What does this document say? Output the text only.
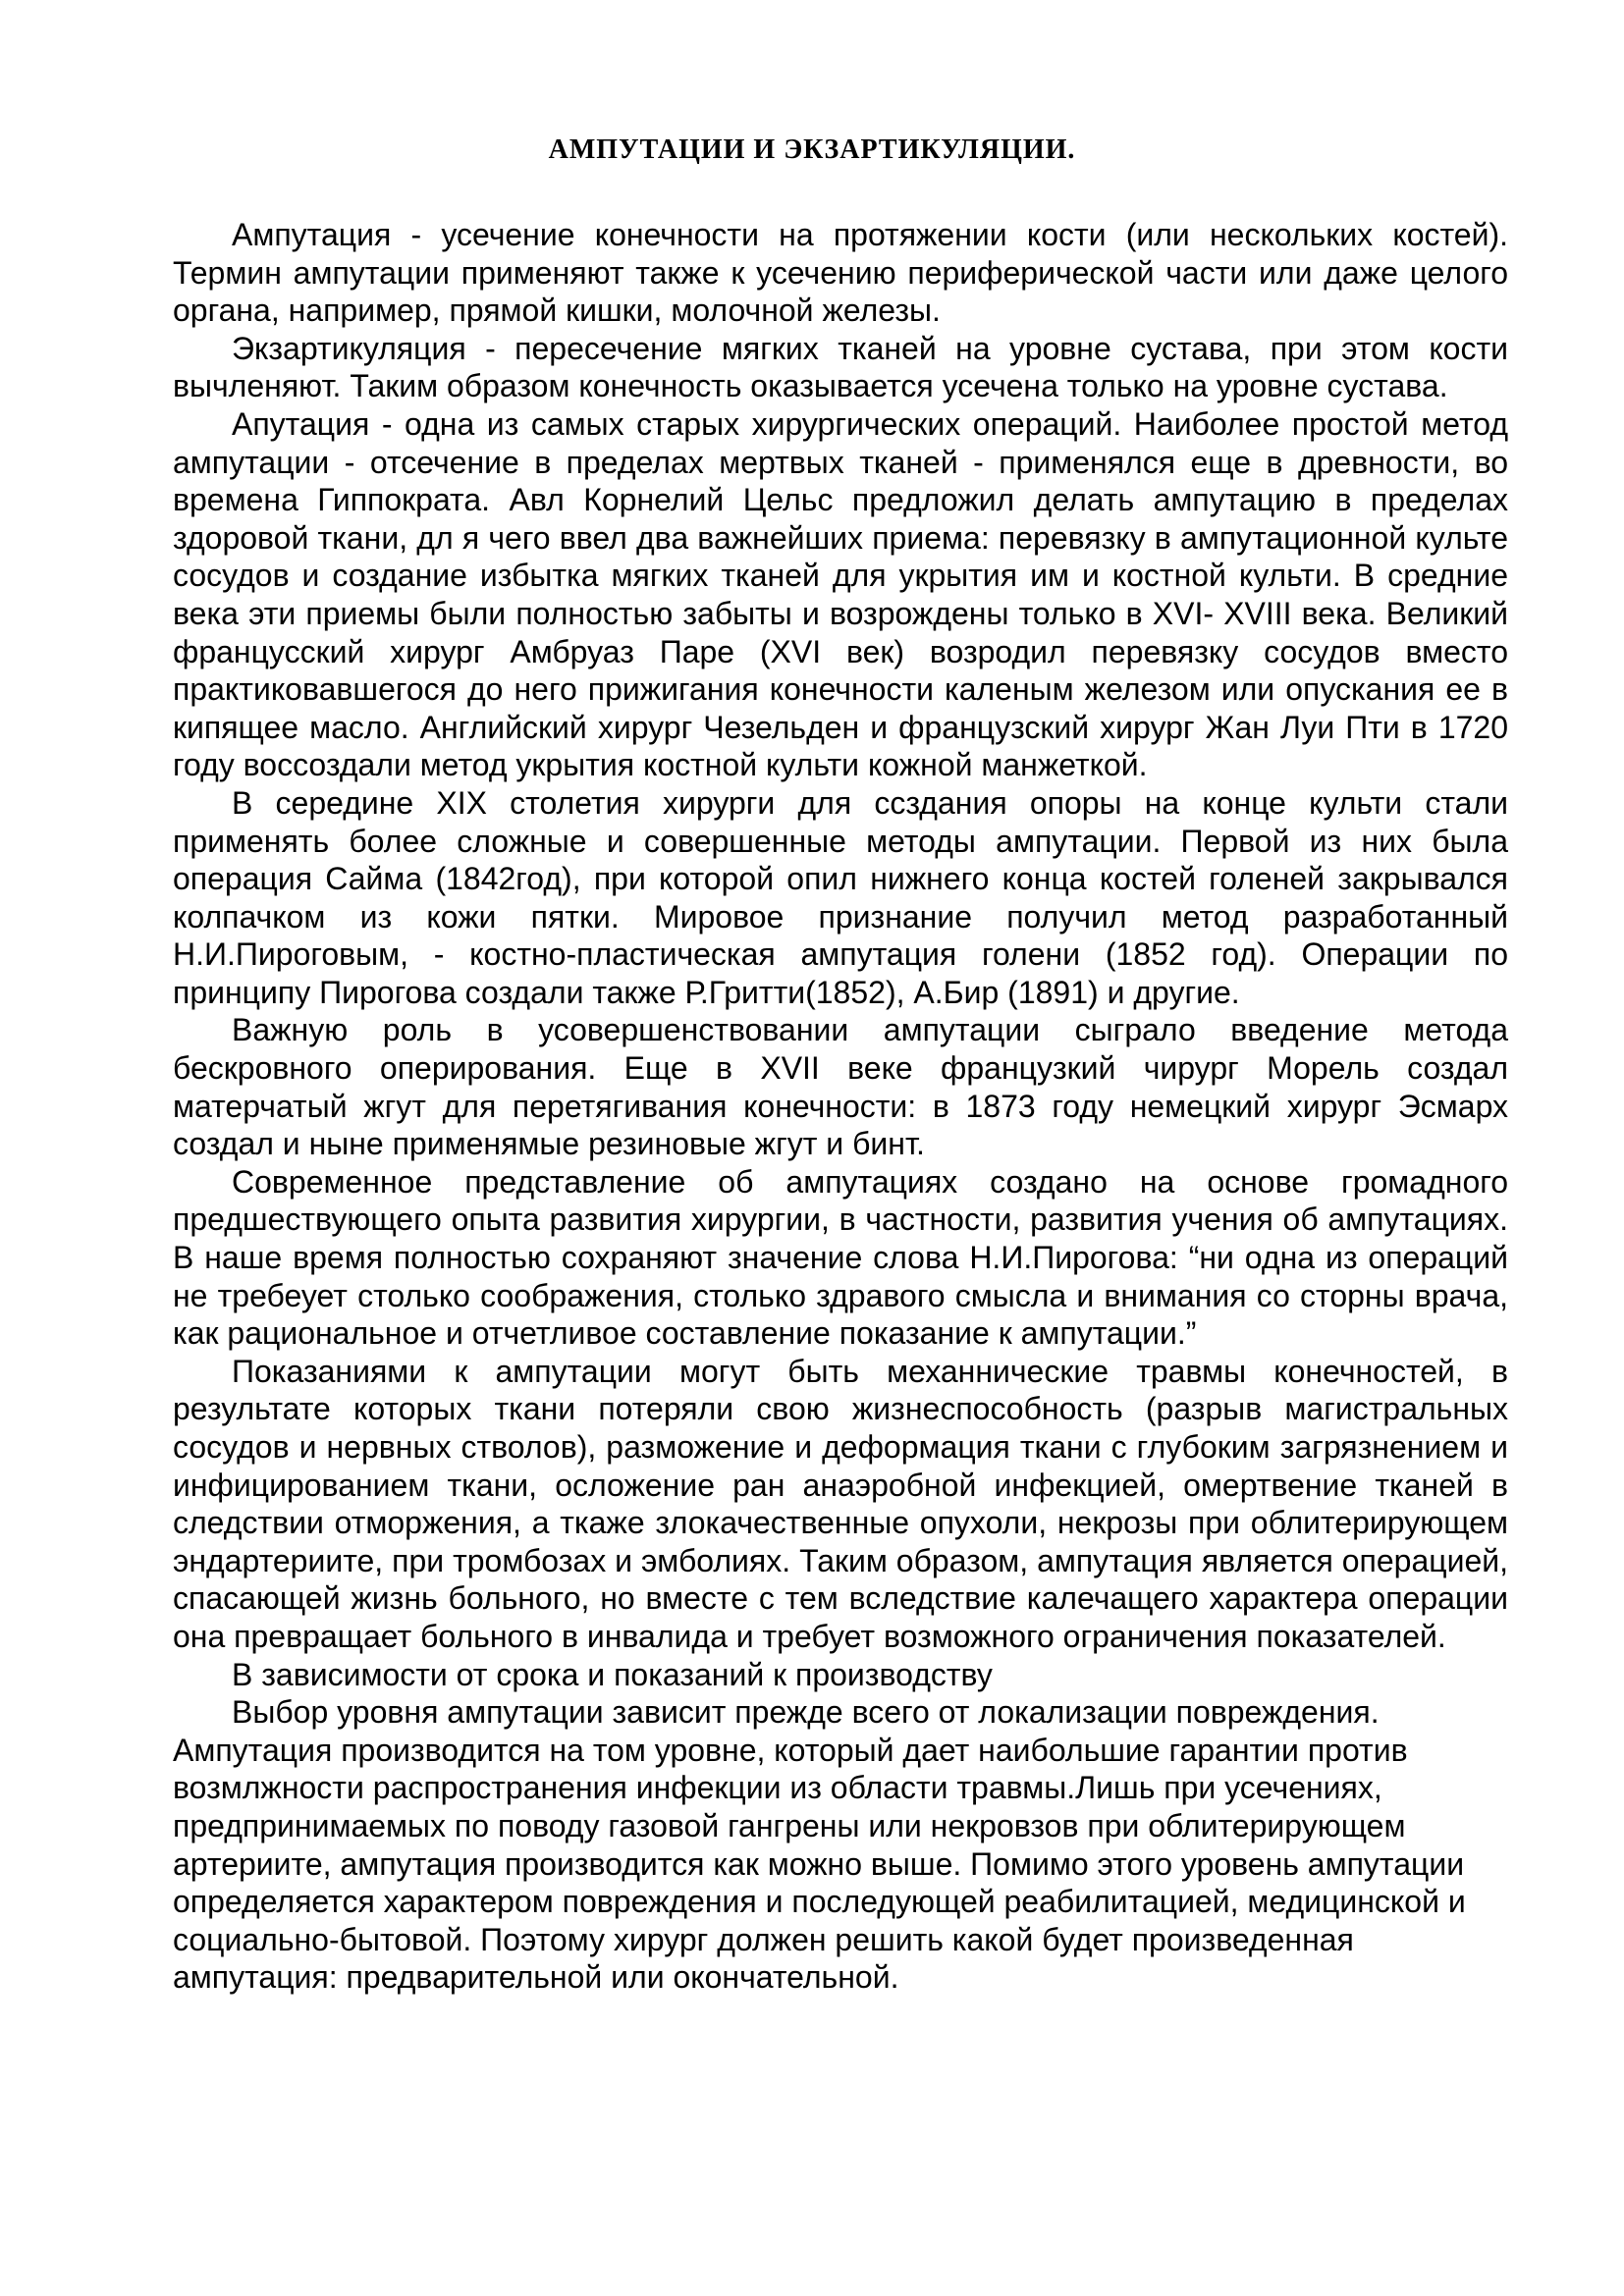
АМПУТАЦИИ И ЭКЗАРТИКУЛЯЦИИ.

Ампутация - усечение конечности на протяжении кости (или нескольких костей). Термин ампутации применяют также к усечению периферической части или даже целого органа, например, прямой кишки, молочной железы.

Экзартикуляция - пересечение мягких тканей на уровне сустава, при этом кости вычленяют. Таким образом конечность оказывается усечена только на уровне сустава.

Апутация - одна из самых старых хирургических операций. Наиболее простой метод ампутации - отсечение в пределах мертвых тканей - применялся еще в древности, во времена Гиппократа. Авл Корнелий Цельс предложил делать ампутацию в пределах здоровой ткани, дл я чего ввел два важнейших приема: перевязку в ампутационной культе сосудов и создание избытка мягких тканей для укрытия им и костной культи. В средние века эти приемы были полностью забыты и возрождены только в XVI- XVIII века. Великий францусский хирург Амбруаз Паре (XVI век) возродил перевязку сосудов вместо практиковавшегося до него прижигания конечности каленым железом или опускания ее в кипящее масло. Английский хирург Чезельден и французский хирург Жан Луи Пти в 1720 году воссоздали метод укрытия костной культи кожной манжеткой.

В середине XIX столетия хирурги для ссздания опоры на конце культи стали применять более сложные и совершенные методы ампутации. Первой из них была операция Сайма (1842год), при которой опил нижнего конца костей голеней закрывался колпачком из кожи пятки. Мировое признание получил метод разработанный Н.И.Пироговым, - костно-пластическая ампутация голени (1852 год). Операции по принципу Пирогова создали также Р.Гритти(1852), А.Бир (1891) и другие.

Важную роль в усовершенствовании ампутации сыграло введение метода бескровного оперирования. Еще в XVII веке французкий чирург Морель создал матерчатый жгут для перетягивания конечности: в 1873 году немецкий хирург Эсмарх создал и ныне применямые резиновые жгут и бинт.

Современное представление об ампутациях создано на основе громадного предшествующего опыта развития хирургии, в частности, развития учения об ампутациях. В наше время полностью сохраняют значение слова Н.И.Пирогова: “ни одна из операций не требеует столько соображения, столько здравого смысла и внимания со сторны врача, как рациональное и отчетливое составление показание к ампутации.”

Показаниями к ампутации могут быть механнические травмы конечностей, в результате которых ткани потеряли свою жизнеспособность (разрыв магистральных сосудов и нервных стволов), разможение и деформация ткани с глубоким загрязнением и инфицированием ткани, осложение ран анаэробной инфекцией, омертвение тканей в следствии отморжения, а ткаже злокачественные опухоли, некрозы при облитерирующем эндартериите, при тромбозах и эмболиях. Таким образом, ампутация является операцией, спасающей жизнь больного, но вместе с тем вследствие калечащего характера операции она превращает больного в инвалида и требует возможного ограничения показателей.

В зависимости от срока и показаний к производству

Выбор уровня ампутации зависит прежде всего от локализации повреждения. Ампутация производится на том уровне, который дает наибольшие гарантии против возмлжности распространения инфекции из области травмы.Лишь при усечениях, предпринимаемых по поводу газовой гангрены или некровзов при облитерирующем артериите, ампутация производится как можно выше. Помимо этого уровень ампутации определяется характером повреждения и последующей реабилитацией, медицинской и социально-бытовой. Поэтому хирург должен решить какой будет произведенная ампутация: предварительной или окончательной.
